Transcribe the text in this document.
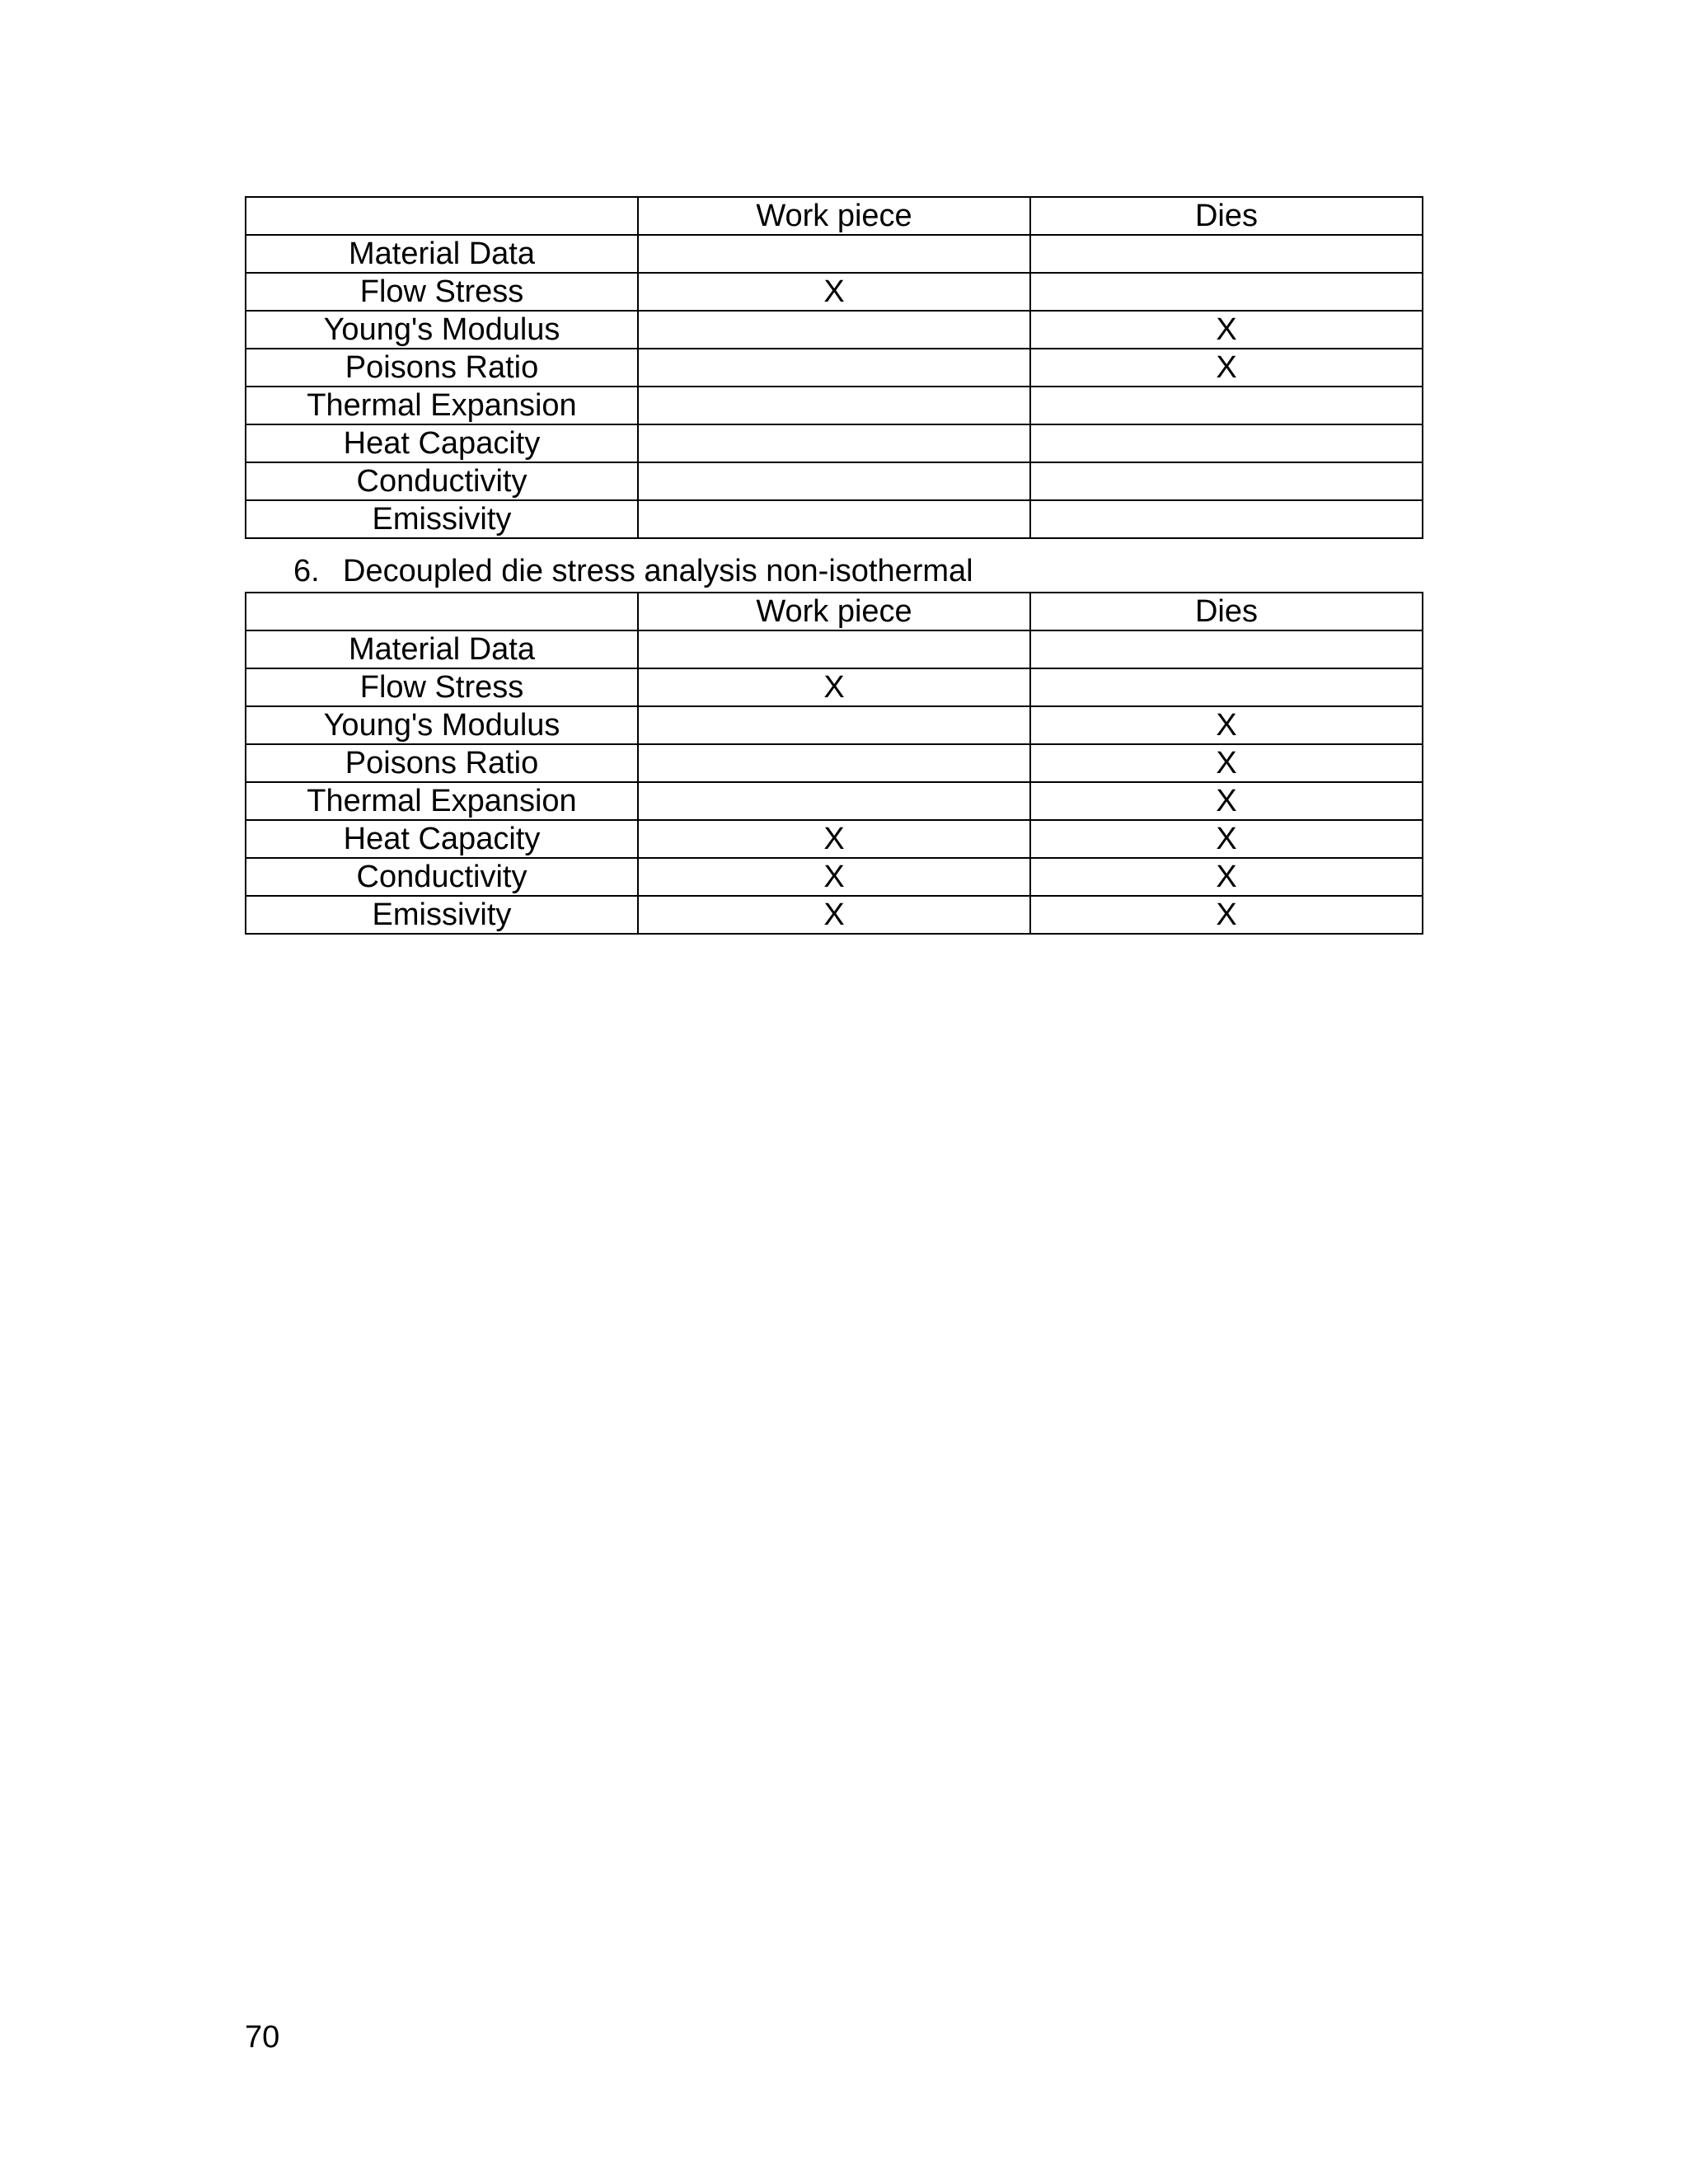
	Work piece	Dies
Material Data		
Flow Stress	X	
Young's Modulus		X
Poisons Ratio		X
Thermal Expansion		
Heat Capacity		
Conductivity		
Emissivity		
6. Decoupled die stress analysis non-isothermal
	Work piece	Dies
Material Data		
Flow Stress	X	
Young's Modulus		X
Poisons Ratio		X
Thermal Expansion		X
Heat Capacity	X	X
Conductivity	X	X
Emissivity	X	X
70
